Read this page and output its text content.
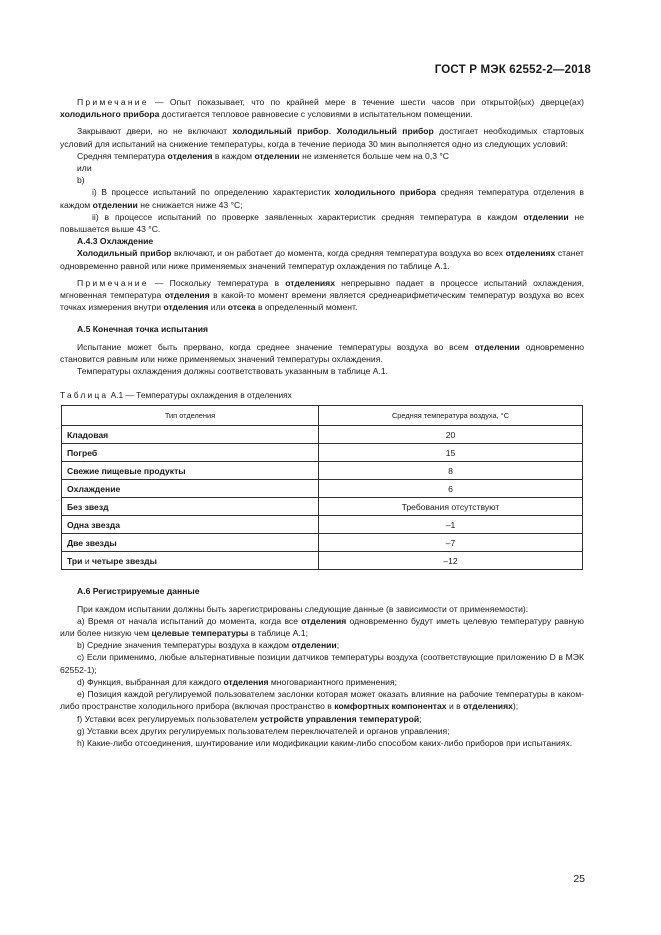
ГОСТ Р МЭК 62552-2—2018

Примечание — Опыт показывает, что по крайней мере в течение шести часов при открытой(ых) дверце(ах) холодильного прибора достигается тепловое равновесие с условиями в испытательном помещении.

Закрывают двери, но не включают холодильный прибор. Холодильный прибор достигает необходимых стартовых условий для испытаний на снижение температуры, когда в течение периода 30 мин выполняется одно из следующих условий:

Средняя температура отделения в каждом отделении не изменяется больше чем на 0,3 °C

или

b)

i) В процессе испытаний по определению характеристик холодильного прибора средняя температура отделения в каждом отделении не снижается ниже 43 °C;

ii) в процессе испытаний по проверке заявленных характеристик средняя температура в каждом отделении не повышается выше 43 °C.

А.4.3 Охлаждение

Холодильный прибор включают, и он работает до момента, когда средняя температура воздуха во всех отделениях станет одновременно равной или ниже применяемых значений температур охлаждения по таблице А.1.

Примечание — Поскольку температура в отделениях непрерывно падает в процессе испытаний охлаждения, мгновенная температура отделения в какой-то момент времени является среднеарифметическим температур воздуха во всех точках измерения внутри отделения или отсека в определенный момент.

А.5 Конечная точка испытания

Испытание может быть прервано, когда среднее значение температуры воздуха во всем отделении одновременно становится равным или ниже применяемых значений температуры охлаждения.

Температуры охлаждения должны соответствовать указанным в таблице А.1.

Таблица А.1 — Температуры охлаждения в отделениях

Тип отделения	Средняя температура воздуха, °C
Кладовая	20
Погреб	15
Свежие пищевые продукты	8
Охлаждение	6
Без звезд	Требования отсутствуют
Одна звезда	–1
Две звезды	–7
Три и четыре звезды	–12

А.6 Регистрируемые данные

При каждом испытании должны быть зарегистрированы следующие данные (в зависимости от применяемости):

a) Время от начала испытаний до момента, когда все отделения одновременно будут иметь целевую температуру равную или более низкую чем целевые температуры в таблице А.1;

b) Средние значения температуры воздуха в каждом отделении;

c) Если применимо, любые альтернативные позиции датчиков температуры воздуха (соответствующие приложению D в МЭК 62552-1);

d) Функция, выбранная для каждого отделения многовариантного применения;

e) Позиция каждой регулируемой пользователем заслонки которая может оказать влияние на рабочие температуры в каком-либо пространстве холодильного прибора (включая пространство в комфортных компонентах и в отделениях);

f) Уставки всех регулируемых пользователем устройств управления температурой;

g) Уставки всех других регулируемых пользователем переключателей и органов управления;

h) Какие-либо отсоединения, шунтирование или модификации каким-либо способом каких-либо приборов при испытаниях.

25
